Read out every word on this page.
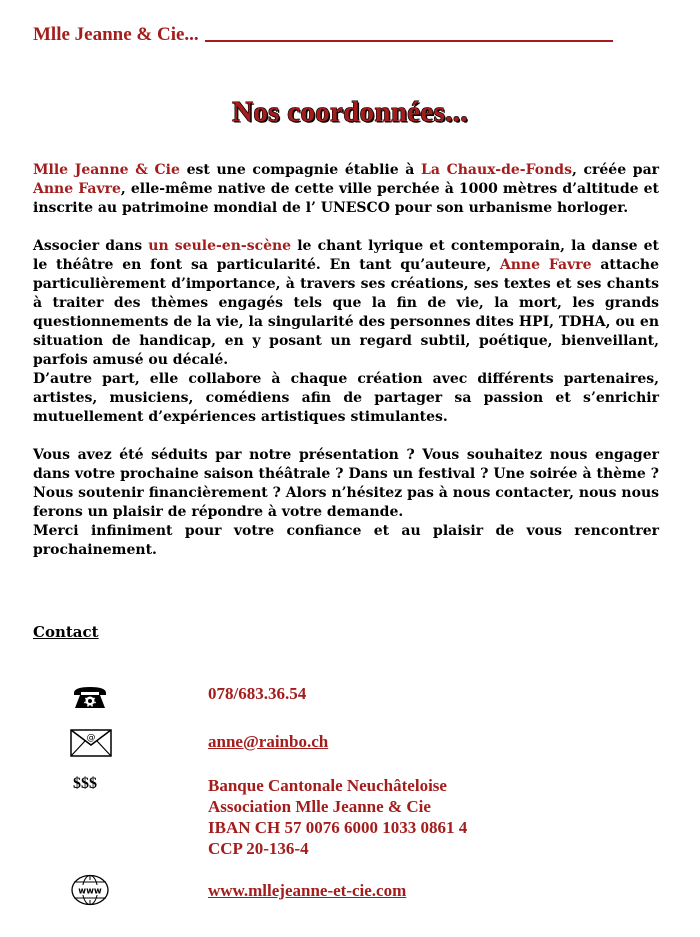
Mlle Jeanne & Cie...
Nos coordonnées...

Mlle Jeanne & Cie est une compagnie établie à La Chaux-de-Fonds, créée par Anne Favre, elle-même native de cette ville perchée à 1000 mètres d’altitude et inscrite au patrimoine mondial de l’ UNESCO pour son urbanisme horloger.

Associer dans un seule-en-scène le chant lyrique et contemporain, la danse et le théâtre en font sa particularité. En tant qu’auteure, Anne Favre attache particulièrement d’importance, à travers ses créations, ses textes et ses chants à traiter des thèmes engagés tels que la fin de vie, la mort, les grands questionnements de la vie, la singularité des personnes dites HPI, TDHA, ou en situation de handicap, en y posant un regard subtil, poétique, bienveillant, parfois amusé ou décalé.

D’autre part, elle collabore à chaque création avec différents partenaires, artistes, musiciens, comédiens afin de partager sa passion et s’enrichir mutuellement d’expériences artistiques stimulantes.

Vous avez été séduits par notre présentation ? Vous souhaitez nous engager dans votre prochaine saison théâtrale ? Dans un festival ? Une soirée à thème ? Nous soutenir financièrement ? Alors n’hésitez pas à nous contacter, nous nous ferons un plaisir de répondre à votre demande.

Merci infiniment pour votre confiance et au plaisir de vous rencontrer prochainement.

Contact
078/683.36.54
@	anne@rainbo.ch
$$$	Banque Cantonale Neuchâteloise
Association Mlle Jeanne & Cie
IBAN CH 57 0076 6000 1033 0861 4
CCP 20-136-4
www	www.mllejeanne-et-cie.com
